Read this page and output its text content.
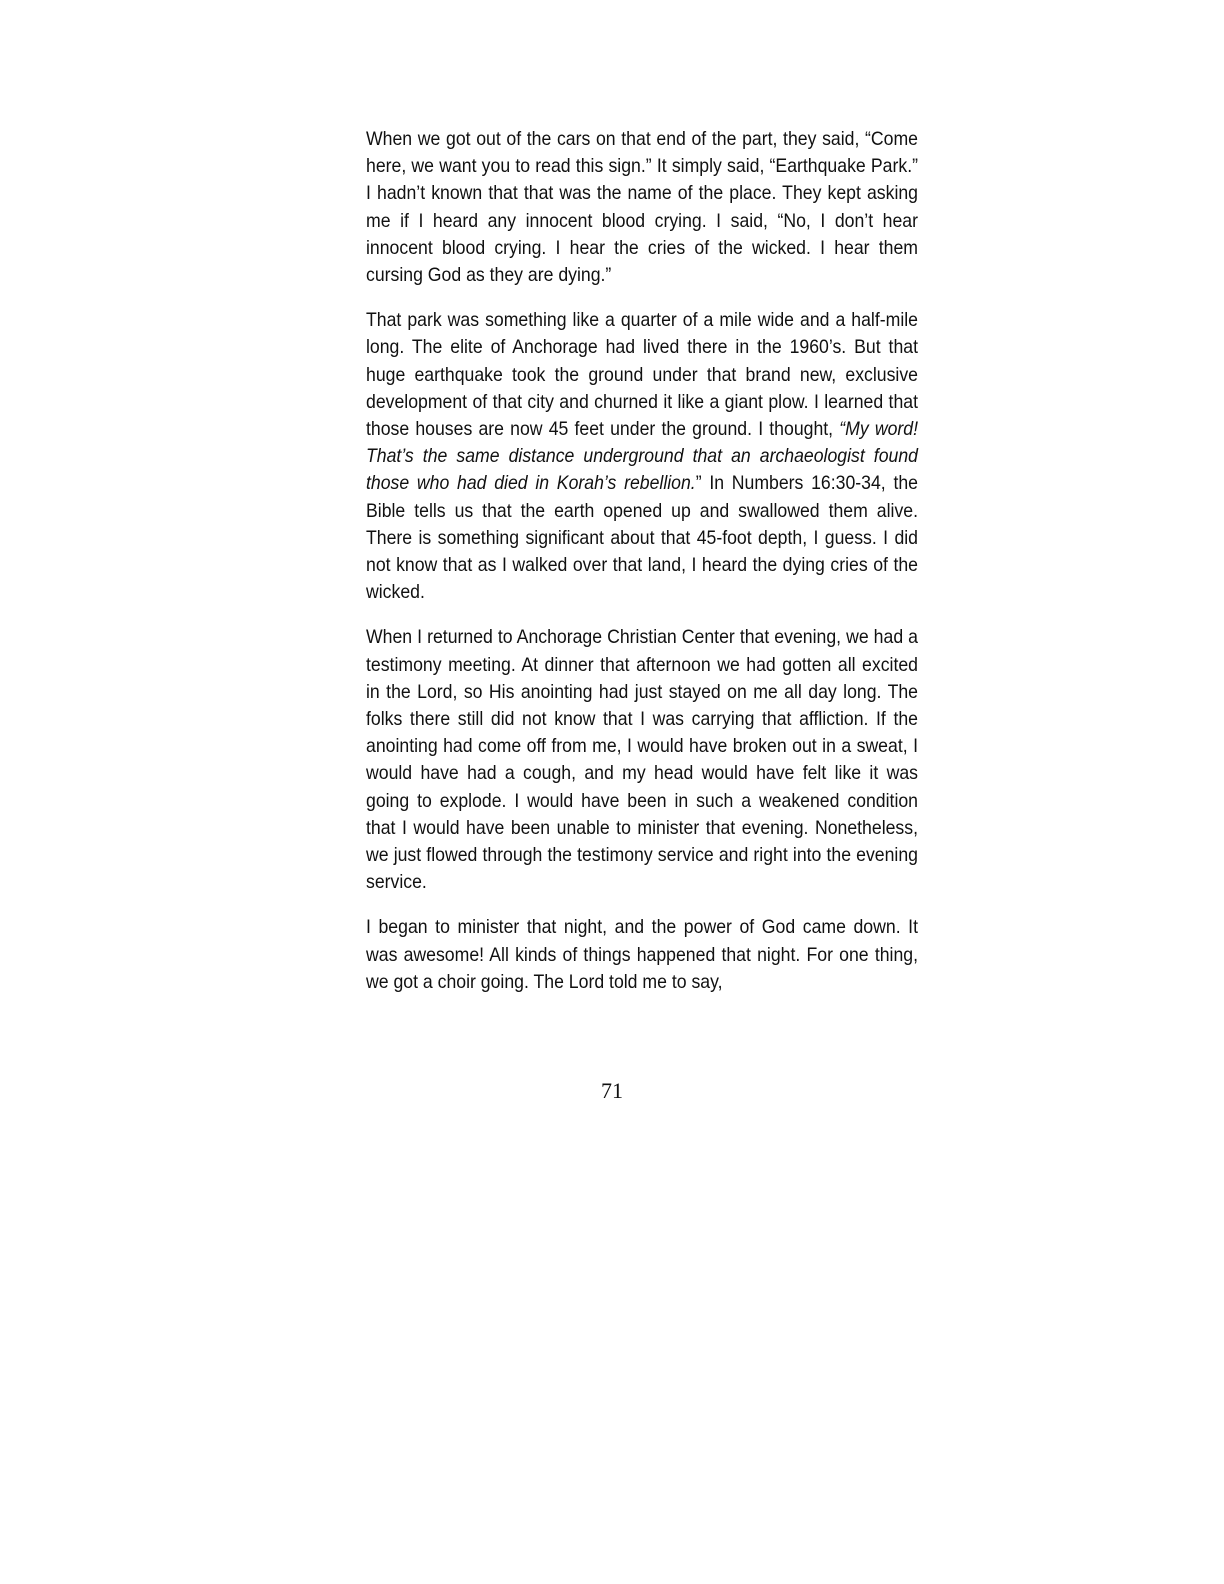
When we got out of the cars on that end of the part, they said, “Come here, we want you to read this sign.” It simply said, “Earthquake Park.” I hadn’t known that that was the name of the place. They kept asking me if I heard any innocent blood crying. I said, “No, I don’t hear innocent blood crying. I hear the cries of the wicked. I hear them cursing God as they are dying.”

That park was something like a quarter of a mile wide and a half-mile long. The elite of Anchorage had lived there in the 1960’s. But that huge earthquake took the ground under that brand new, exclusive development of that city and churned it like a giant plow. I learned that those houses are now 45 feet under the ground. I thought, “My word! That’s the same distance underground that an archaeologist found those who had died in Korah’s rebellion.” In Numbers 16:30-34, the Bible tells us that the earth opened up and swallowed them alive. There is something significant about that 45-foot depth, I guess. I did not know that as I walked over that land, I heard the dying cries of the wicked.

When I returned to Anchorage Christian Center that evening, we had a testimony meeting. At dinner that afternoon we had gotten all excited in the Lord, so His anointing had just stayed on me all day long. The folks there still did not know that I was carrying that affliction. If the anointing had come off from me, I would have broken out in a sweat, I would have had a cough, and my head would have felt like it was going to explode. I would have been in such a weakened condition that I would have been unable to minister that evening. Nonetheless, we just flowed through the testimony service and right into the evening service.

I began to minister that night, and the power of God came down. It was awesome! All kinds of things happened that night. For one thing, we got a choir going. The Lord told me to say,

71
